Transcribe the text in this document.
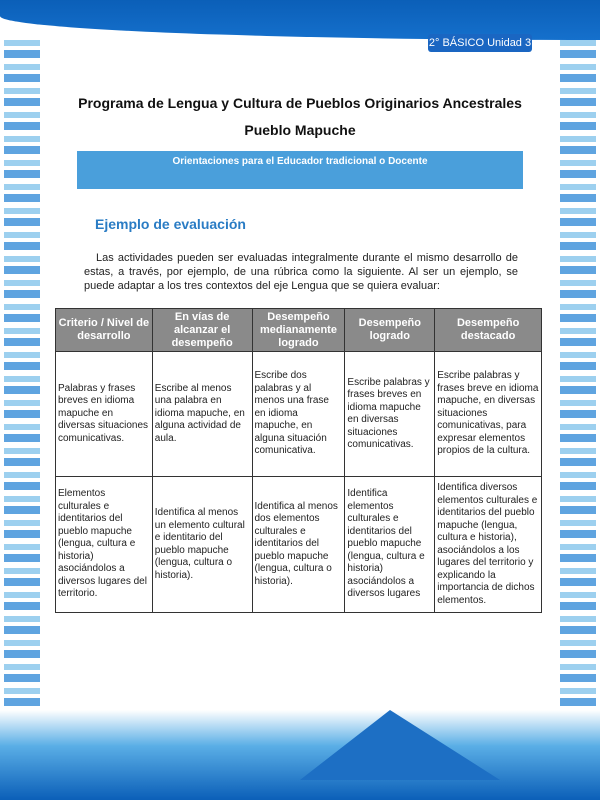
2° BÁSICO Unidad 3
Programa de Lengua y Cultura de Pueblos Originarios Ancestrales
Pueblo Mapuche
Orientaciones para el Educador tradicional o Docente
Ejemplo de evaluación

Las actividades pueden ser evaluadas integralmente durante el mismo desarrollo de estas, a través, por ejemplo, de una rúbrica como la siguiente. Al ser un ejemplo, se puede adaptar a los tres contextos del eje Lengua que se quiera evaluar:

Criterio / Nivel de desarrollo	En vías de alcanzar el desempeño	Desempeño medianamente logrado	Desempeño logrado	Desempeño destacado
Palabras y frases breves en idioma mapuche en diversas situaciones comunicativas.	Escribe al menos una palabra en idioma mapuche, en alguna actividad de aula.	Escribe dos palabras y al menos una frase en idioma mapuche, en alguna situación comunicativa.	Escribe palabras y frases breves en idioma mapuche en diversas situaciones comunicativas.	Escribe palabras y frases breve en idioma mapuche, en diversas situaciones comunicativas, para expresar elementos propios de la cultura.
Elementos culturales e identitarios del pueblo mapuche (lengua, cultura e historia) asociándolos a diversos lugares del territorio.	Identifica al menos un elemento cultural e identitario del pueblo mapuche (lengua, cultura o historia).	Identifica al menos dos elementos culturales e identitarios del pueblo mapuche (lengua, cultura o historia).	Identifica elementos culturales e identitarios del pueblo mapuche (lengua, cultura e historia) asociándolos a diversos lugares	Identifica diversos elementos culturales e identitarios del pueblo mapuche (lengua, cultura e historia), asociándolos a los lugares del territorio y explicando la importancia de dichos elementos.
